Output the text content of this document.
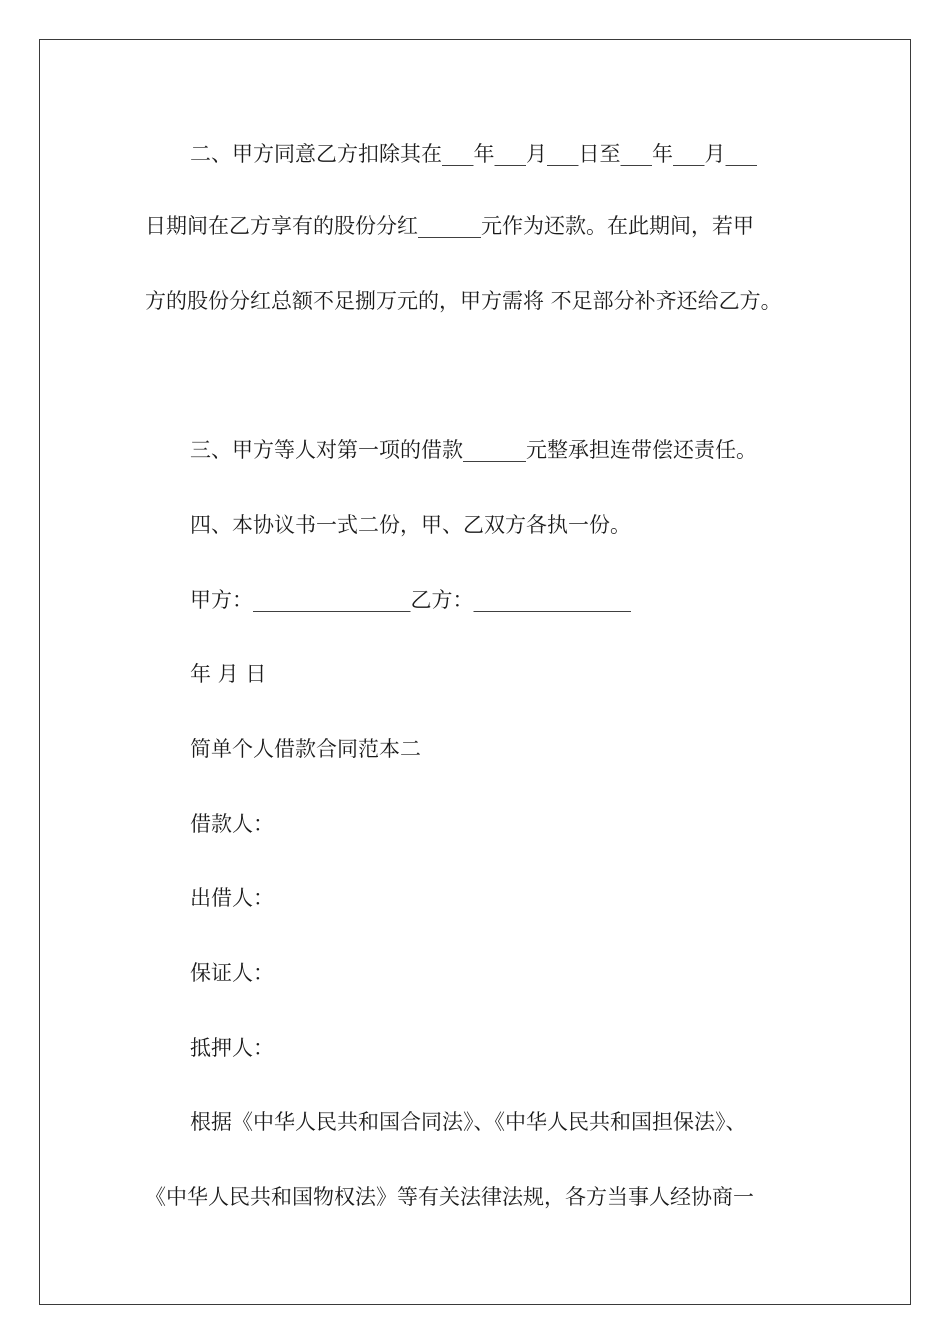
二、甲方同意乙方扣除其在___年___月___日至___年___月___
日期间在乙方享有的股份分红______元作为还款。在此期间，若甲
方的股份分红总额不足捌万元的，甲方需将 不足部分补齐还给乙方。
三、甲方等人对第一项的借款______元整承担连带偿还责任。
四、本协议书一式二份，甲、乙双方各执一份。
甲方：_______________乙方：_______________
年 月 日
简单个人借款合同范本二
借款人：
出借人：
保证人：
抵押人：
根据《中华人民共和国合同法》、《中华人民共和国担保法》、
《中华人民共和国物权法》等有关法律法规，各方当事人经协商一
